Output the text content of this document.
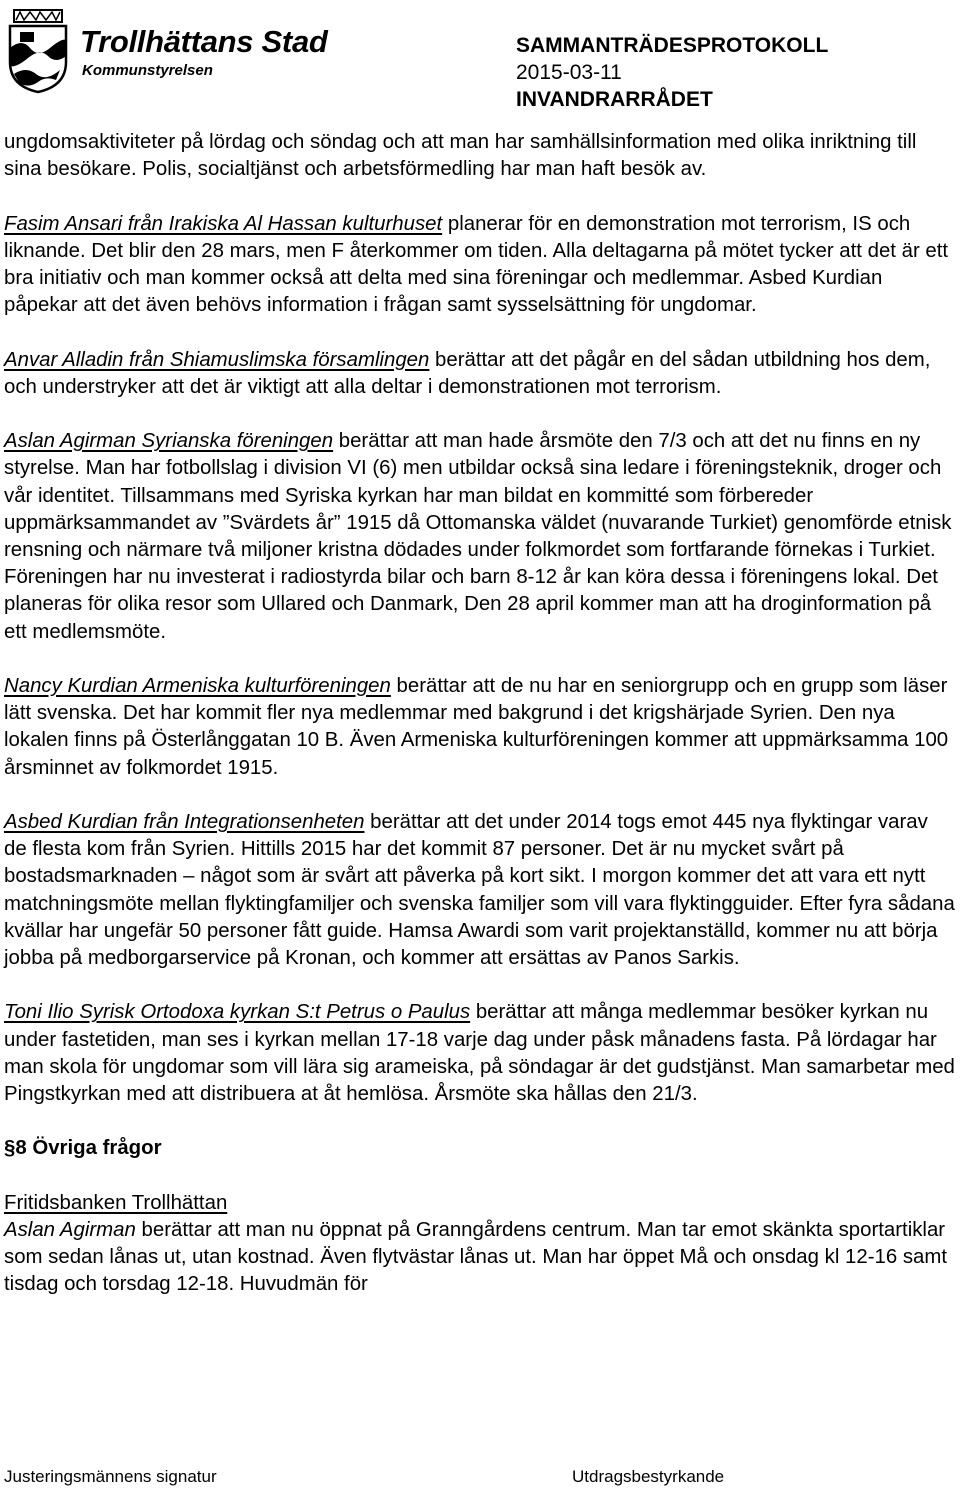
Trollhättans Stad
Kommunstyrelsen
SAMMANTRÄDESPROTOKOLL
2015-03-11
INVANDRARRÅDET

ungdomsaktiviteter på lördag och söndag och att man har samhällsinformation med olika inriktning till sina besökare. Polis, socialtjänst och arbetsförmedling har man haft besök av.

Fasim Ansari från Irakiska Al Hassan kulturhuset planerar för en demonstration mot terrorism, IS och liknande. Det blir den 28 mars, men F återkommer om tiden. Alla deltagarna på mötet tycker att det är ett bra initiativ och man kommer också att delta med sina föreningar och medlemmar. Asbed Kurdian påpekar att det även behövs information i frågan samt sysselsättning för ungdomar.

Anvar Alladin från Shiamuslimska församlingen berättar att det pågår en del sådan utbildning hos dem, och understryker att det är viktigt att alla deltar i demonstrationen mot terrorism.

Aslan Agirman Syrianska föreningen berättar att man hade årsmöte den 7/3 och att det nu finns en ny styrelse. Man har fotbollslag i division VI (6) men utbildar också sina ledare i föreningsteknik, droger och vår identitet. Tillsammans med Syriska kyrkan har man bildat en kommitté som förbereder uppmärksammandet av ”Svärdets år” 1915 då Ottomanska väldet (nuvarande Turkiet) genomförde etnisk rensning och närmare två miljoner kristna dödades under folkmordet som fortfarande förnekas i Turkiet.

Föreningen har nu investerat i radiostyrda bilar och barn 8-12 år kan köra dessa i föreningens lokal. Det planeras för olika resor som Ullared och Danmark, Den 28 april kommer man att ha droginformation på ett medlemsmöte.

Nancy Kurdian Armeniska kulturföreningen berättar att de nu har en seniorgrupp och en grupp som läser lätt svenska. Det har kommit fler nya medlemmar med bakgrund i det krigshärjade Syrien. Den nya lokalen finns på Österlånggatan 10 B. Även Armeniska kulturföreningen kommer att uppmärksamma 100 årsminnet av folkmordet 1915.

Asbed Kurdian från Integrationsenheten berättar att det under 2014 togs emot 445 nya flyktingar varav de flesta kom från Syrien. Hittills 2015 har det kommit 87 personer. Det är nu mycket svårt på bostadsmarknaden – något som är svårt att påverka på kort sikt. I morgon kommer det att vara ett nytt matchningsmöte mellan flyktingfamiljer och svenska familjer som vill vara flyktingguider. Efter fyra sådana kvällar har ungefär 50 personer fått guide. Hamsa Awardi som varit projektanställd, kommer nu att börja jobba på medborgarservice på Kronan, och kommer att ersättas av Panos Sarkis.

Toni Ilio Syrisk Ortodoxa kyrkan S:t Petrus o Paulus berättar att många medlemmar besöker kyrkan nu under fastetiden, man ses i kyrkan mellan 17-18 varje dag under påsk månadens fasta. På lördagar har man skola för ungdomar som vill lära sig arameiska, på söndagar är det gudstjänst. Man samarbetar med Pingstkyrkan med att distribuera at åt hemlösa. Årsmöte ska hållas den 21/3.

§8 Övriga frågor

Fritidsbanken Trollhättan

Aslan Agirman berättar att man nu öppnat på Granngårdens centrum. Man tar emot skänkta sportartiklar som sedan lånas ut, utan kostnad. Även flytvästar lånas ut. Man har öppet Må och onsdag kl 12-16 samt tisdag och torsdag 12-18. Huvudmän för

Justeringsmännens signatur	Utdragsbestyrkande
